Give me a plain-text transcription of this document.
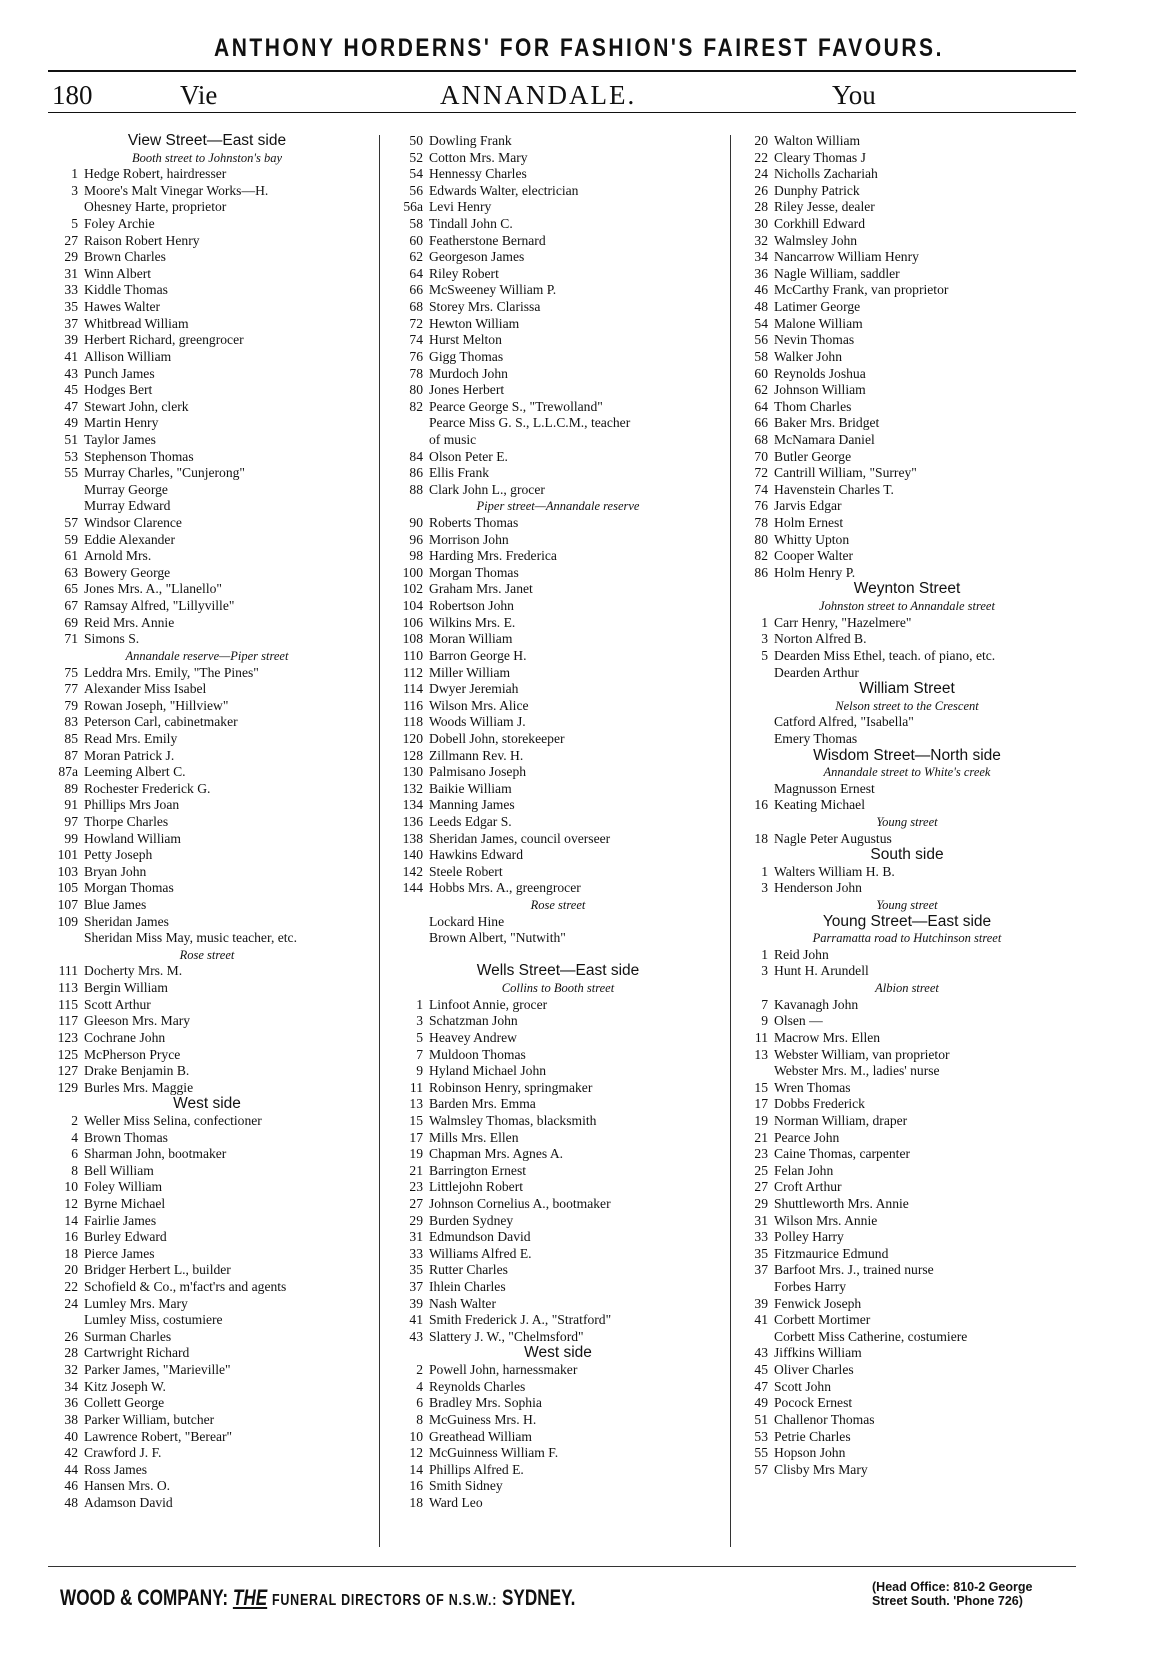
ANTHONY HORDERNS' FOR FASHION'S FAIREST FAVOURS.
180	Vie	ANNANDALE.	You
View Street—East side
Booth street to Johnston's bay
1 Hedge Robert, hairdresser
3 Moore's Malt Vinegar Works—H.
Ohesney Harte, proprietor
5 Foley Archie
27 Raison Robert Henry
29 Brown Charles
31 Winn Albert
33 Kiddle Thomas
35 Hawes Walter
37 Whitbread William
39 Herbert Richard, greengrocer
41 Allison William
43 Punch James
45 Hodges Bert
47 Stewart John, clerk
49 Martin Henry
51 Taylor James
53 Stephenson Thomas
55 Murray Charles, "Cunjerong"
Murray George
Murray Edward
57 Windsor Clarence
59 Eddie Alexander
61 Arnold Mrs.
63 Bowery George
65 Jones Mrs. A., "Llanello"
67 Ramsay Alfred, "Lillyville"
69 Reid Mrs. Annie
71 Simons S.
Annandale reserve—Piper street
75 Leddra Mrs. Emily, "The Pines"
77 Alexander Miss Isabel
79 Rowan Joseph, "Hillview"
83 Peterson Carl, cabinetmaker
85 Read Mrs. Emily
87 Moran Patrick J.
87a Leeming Albert C.
89 Rochester Frederick G.
91 Phillips Mrs Joan
97 Thorpe Charles
99 Howland William
101 Petty Joseph
103 Bryan John
105 Morgan Thomas
107 Blue James
109 Sheridan James
Sheridan Miss May, music teacher, etc.
Rose street
111 Docherty Mrs. M.
113 Bergin William
115 Scott Arthur
117 Gleeson Mrs. Mary
123 Cochrane John
125 McPherson Pryce
127 Drake Benjamin B.
129 Burles Mrs. Maggie
West side
2 Weller Miss Selina, confectioner
4 Brown Thomas
6 Sharman John, bootmaker
8 Bell William
10 Foley William
12 Byrne Michael
14 Fairlie James
16 Burley Edward
18 Pierce James
20 Bridger Herbert L., builder
22 Schofield & Co., m'fact'rs and agents
24 Lumley Mrs. Mary
Lumley Miss, costumiere
26 Surman Charles
28 Cartwright Richard
32 Parker James, "Marieville"
34 Kitz Joseph W.
36 Collett George
38 Parker William, butcher
40 Lawrence Robert, "Berear"
42 Crawford J. F.
44 Ross James
46 Hansen Mrs. O.
48 Adamson David
50 Dowling Frank
52 Cotton Mrs. Mary
54 Hennessy Charles
56 Edwards Walter, electrician
56a Levi Henry
58 Tindall John C.
60 Featherstone Bernard
62 Georgeson James
64 Riley Robert
66 McSweeney William P.
68 Storey Mrs. Clarissa
72 Hewton William
74 Hurst Melton
76 Gigg Thomas
78 Murdoch John
80 Jones Herbert
82 Pearce George S., "Trewolland"
Pearce Miss G. S., L.L.C.M., teacher
of music
84 Olson Peter E.
86 Ellis Frank
88 Clark John L., grocer
Piper street—Annandale reserve
90 Roberts Thomas
96 Morrison John
98 Harding Mrs. Frederica
100 Morgan Thomas
102 Graham Mrs. Janet
104 Robertson John
106 Wilkins Mrs. E.
108 Moran William
110 Barron George H.
112 Miller William
114 Dwyer Jeremiah
116 Wilson Mrs. Alice
118 Woods William J.
120 Dobell John, storekeeper
128 Zillmann Rev. H.
130 Palmisano Joseph
132 Baikie William
134 Manning James
136 Leeds Edgar S.
138 Sheridan James, council overseer
140 Hawkins Edward
142 Steele Robert
144 Hobbs Mrs. A., greengrocer
Rose street
Lockard Hine
Brown Albert, "Nutwith"
Wells Street—East side
Collins to Booth street
1 Linfoot Annie, grocer
3 Schatzman John
5 Heavey Andrew
7 Muldoon Thomas
9 Hyland Michael John
11 Robinson Henry, springmaker
13 Barden Mrs. Emma
15 Walmsley Thomas, blacksmith
17 Mills Mrs. Ellen
19 Chapman Mrs. Agnes A.
21 Barrington Ernest
23 Littlejohn Robert
27 Johnson Cornelius A., bootmaker
29 Burden Sydney
31 Edmundson David
33 Williams Alfred E.
35 Rutter Charles
37 Ihlein Charles
39 Nash Walter
41 Smith Frederick J. A., "Stratford"
43 Slattery J. W., "Chelmsford"
West side
2 Powell John, harnessmaker
4 Reynolds Charles
6 Bradley Mrs. Sophia
8 McGuiness Mrs. H.
10 Greathead William
12 McGuinness William F.
14 Phillips Alfred E.
16 Smith Sidney
18 Ward Leo
20 Walton William
22 Cleary Thomas J
24 Nicholls Zachariah
26 Dunphy Patrick
28 Riley Jesse, dealer
30 Corkhill Edward
32 Walmsley John
34 Nancarrow William Henry
36 Nagle William, saddler
46 McCarthy Frank, van proprietor
48 Latimer George
54 Malone William
56 Nevin Thomas
58 Walker John
60 Reynolds Joshua
62 Johnson William
64 Thom Charles
66 Baker Mrs. Bridget
68 McNamara Daniel
70 Butler George
72 Cantrill William, "Surrey"
74 Havenstein Charles T.
76 Jarvis Edgar
78 Holm Ernest
80 Whitty Upton
82 Cooper Walter
86 Holm Henry P.
Weynton Street
Johnston street to Annandale street
1 Carr Henry, "Hazelmere"
3 Norton Alfred B.
5 Dearden Miss Ethel, teach. of piano, etc.
Dearden Arthur
William Street
Nelson street to the Crescent
Catford Alfred, "Isabella"
Emery Thomas
Wisdom Street—North side
Annandale street to White's creek
Magnusson Ernest
16 Keating Michael
Young street
18 Nagle Peter Augustus
South side
1 Walters William H. B.
3 Henderson John
Young street
Young Street—East side
Parramatta road to Hutchinson street
1 Reid John
3 Hunt H. Arundell
Albion street
7 Kavanagh John
9 Olsen —
11 Macrow Mrs. Ellen
13 Webster William, van proprietor
Webster Mrs. M., ladies' nurse
15 Wren Thomas
17 Dobbs Frederick
19 Norman William, draper
21 Pearce John
23 Caine Thomas, carpenter
25 Felan John
27 Croft Arthur
29 Shuttleworth Mrs. Annie
31 Wilson Mrs. Annie
33 Polley Harry
35 Fitzmaurice Edmund
37 Barfoot Mrs. J., trained nurse
Forbes Harry
39 Fenwick Joseph
41 Corbett Mortimer
Corbett Miss Catherine, costumiere
43 Jiffkins William
45 Oliver Charles
47 Scott John
49 Pocock Ernest
51 Challenor Thomas
53 Petrie Charles
55 Hopson John
57 Clisby Mrs Mary
WOOD & COMPANY: THE FUNERAL DIRECTORS OF N.S.W.: SYDNEY.	(Head Office: 810-2 George
Street South. 'Phone 726)
